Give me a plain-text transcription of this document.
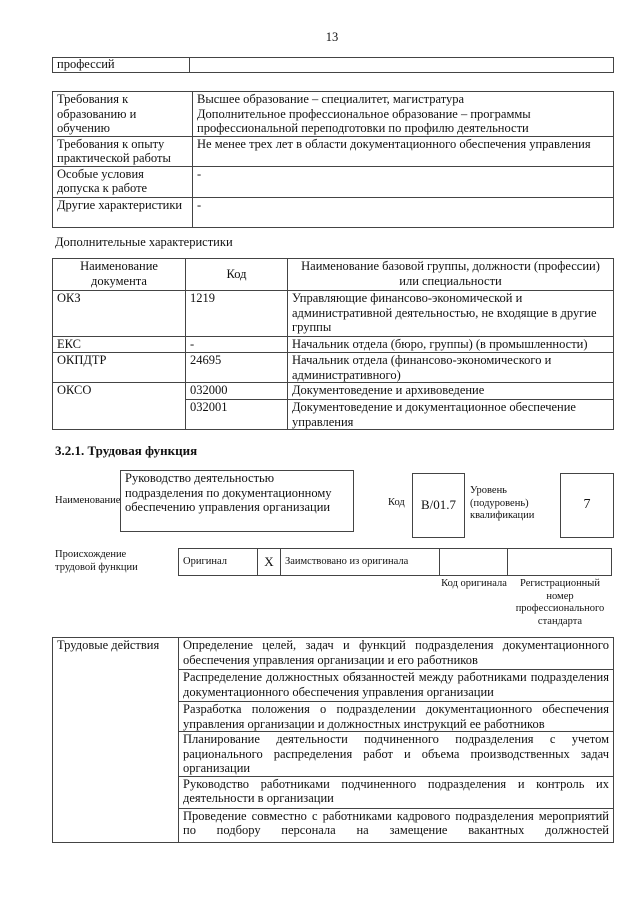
13
профессий	
Требования к образованию и обучению	Высшее образование – специалитет, магистратура
Дополнительное профессиональное образование – программы профессиональной переподготовки по профилю деятельности

Требования к опыту практической работы	Не менее трех лет в области документационного обеспечения управления
Особые условия допуска к работе	-
Другие характеристики	-
Дополнительные характеристики
Наименование документа	Код	Наименование базовой группы, должности (профессии) или специальности
ОКЗ	1219	Управляющие финансово-экономической и административной деятельностью, не входящие в другие группы
ЕКС	-	Начальник отдела (бюро, группы) (в промышленности)
ОКПДТР	24695	Начальник отдела (финансово-экономического и административного)
ОКСО	032000	Документоведение и архивоведение
	032001	Документоведение и документационное обеспечение управления
3.2.1. Трудовая функция
Наименование
Руководство деятельностью подразделения по документационному обеспечению управления организации	Код	B/01.7
Уровень (подуровень) квалификации
7
Происхождение трудовой функции
Оригинал	X	Заимствовано из оригинала		
Код оригинала	Регистрационный номер профессионального стандарта
Трудовые действия	Определение целей, задач и функций подразделения документационного обеспечения управления организации и его работников
Распределение должностных обязанностей между работниками подразделения документационного обеспечения управления организации
Разработка положения о подразделении документационного обеспечения управления организации и должностных инструкций ее работников
Планирование деятельности подчиненного подразделения с учетом рационального распределения работ и объема производственных задач организации
Руководство работниками подчиненного подразделения и контроль их деятельности в организации
Проведение совместно с работниками кадрового подразделения мероприятий по подбору персонала на замещение вакантных должностей
